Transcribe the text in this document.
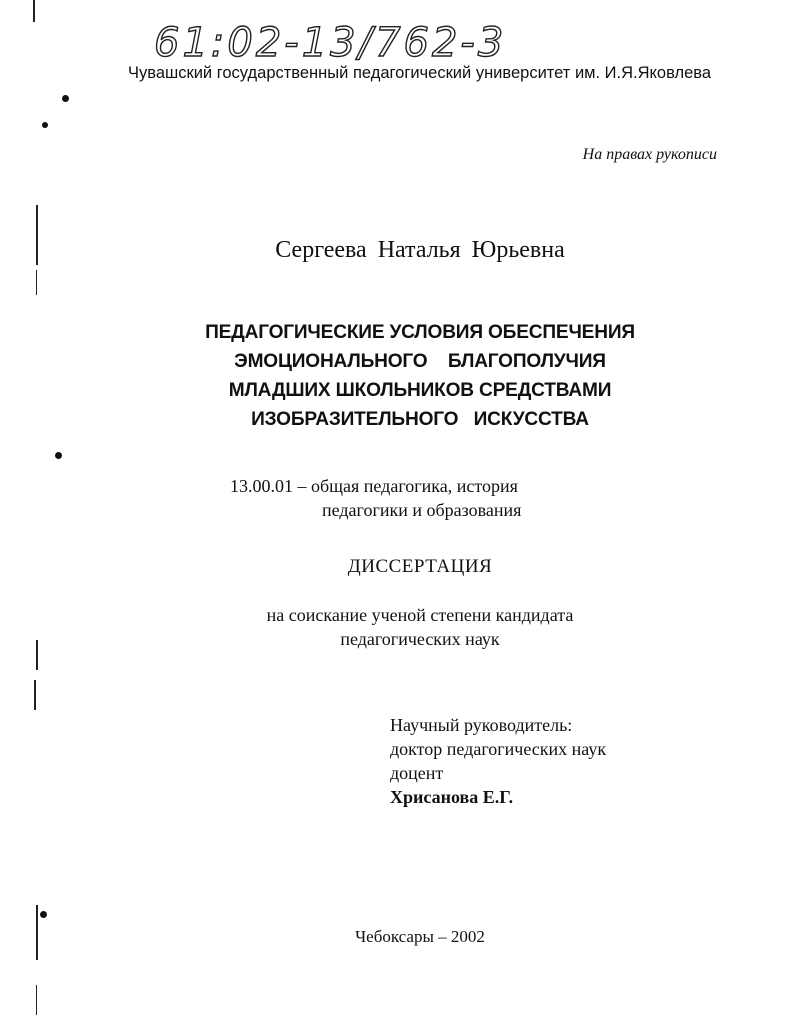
61:02-13/762-3
Чувашский государственный педагогический университет им. И.Я.Яковлева
На правах рукописи
Сергеева Наталья Юрьевна
ПЕДАГОГИЧЕСКИЕ УСЛОВИЯ ОБЕСПЕЧЕНИЯ
ЭМОЦИОНАЛЬНОГО    БЛАГОПОЛУЧИЯ
МЛАДШИХ ШКОЛЬНИКОВ СРЕДСТВАМИ
ИЗОБРАЗИТЕЛЬНОГО   ИСКУССТВА
13.00.01 – общая педагогика, история
педагогики и образования
ДИССЕРТАЦИЯ
на соискание ученой степени кандидата
педагогических наук
Научный руководитель:
доктор педагогических наук
доцент
Хрисанова Е.Г.
Чебоксары – 2002
